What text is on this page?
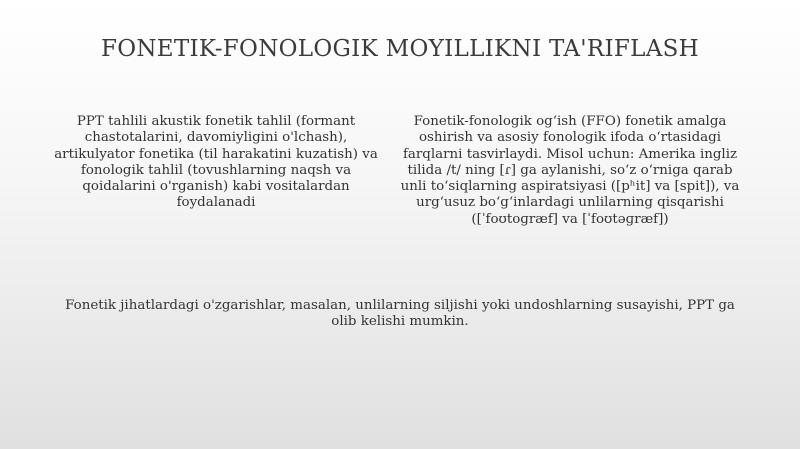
FONETIK-FONOLOGIK MOYILLIKNI TA'RIFLASH
PPT tahlili akustik fonetik tahlil (formant chastotalarini, davomiyligini o'lchash), artikulyator fonetika (til harakatini kuzatish) va fonologik tahlil (tovushlarning naqsh va qoidalarini o'rganish) kabi vositalardan foydalanadi
Fonetik-fonologik ogʻish (FFO) fonetik amalga oshirish va asosiy fonologik ifoda oʻrtasidagi farqlarni tasvirlaydi. Misol uchun: Amerika ingliz tilida /t/ ning [ɾ] ga aylanishi, soʻz oʻrniga qarab unli toʻsiqlarning aspiratsiyasi ([pʰit] va [spit]), va urgʻusuz boʻgʻinlardagi unlilarning qisqarishi ([ˈfoʊtoɡræf] va [ˈfoʊtəɡræf])
Fonetik jihatlardagi o'zgarishlar, masalan, unlilarning siljishi yoki undoshlarning susayishi, PPT ga olib kelishi mumkin.
